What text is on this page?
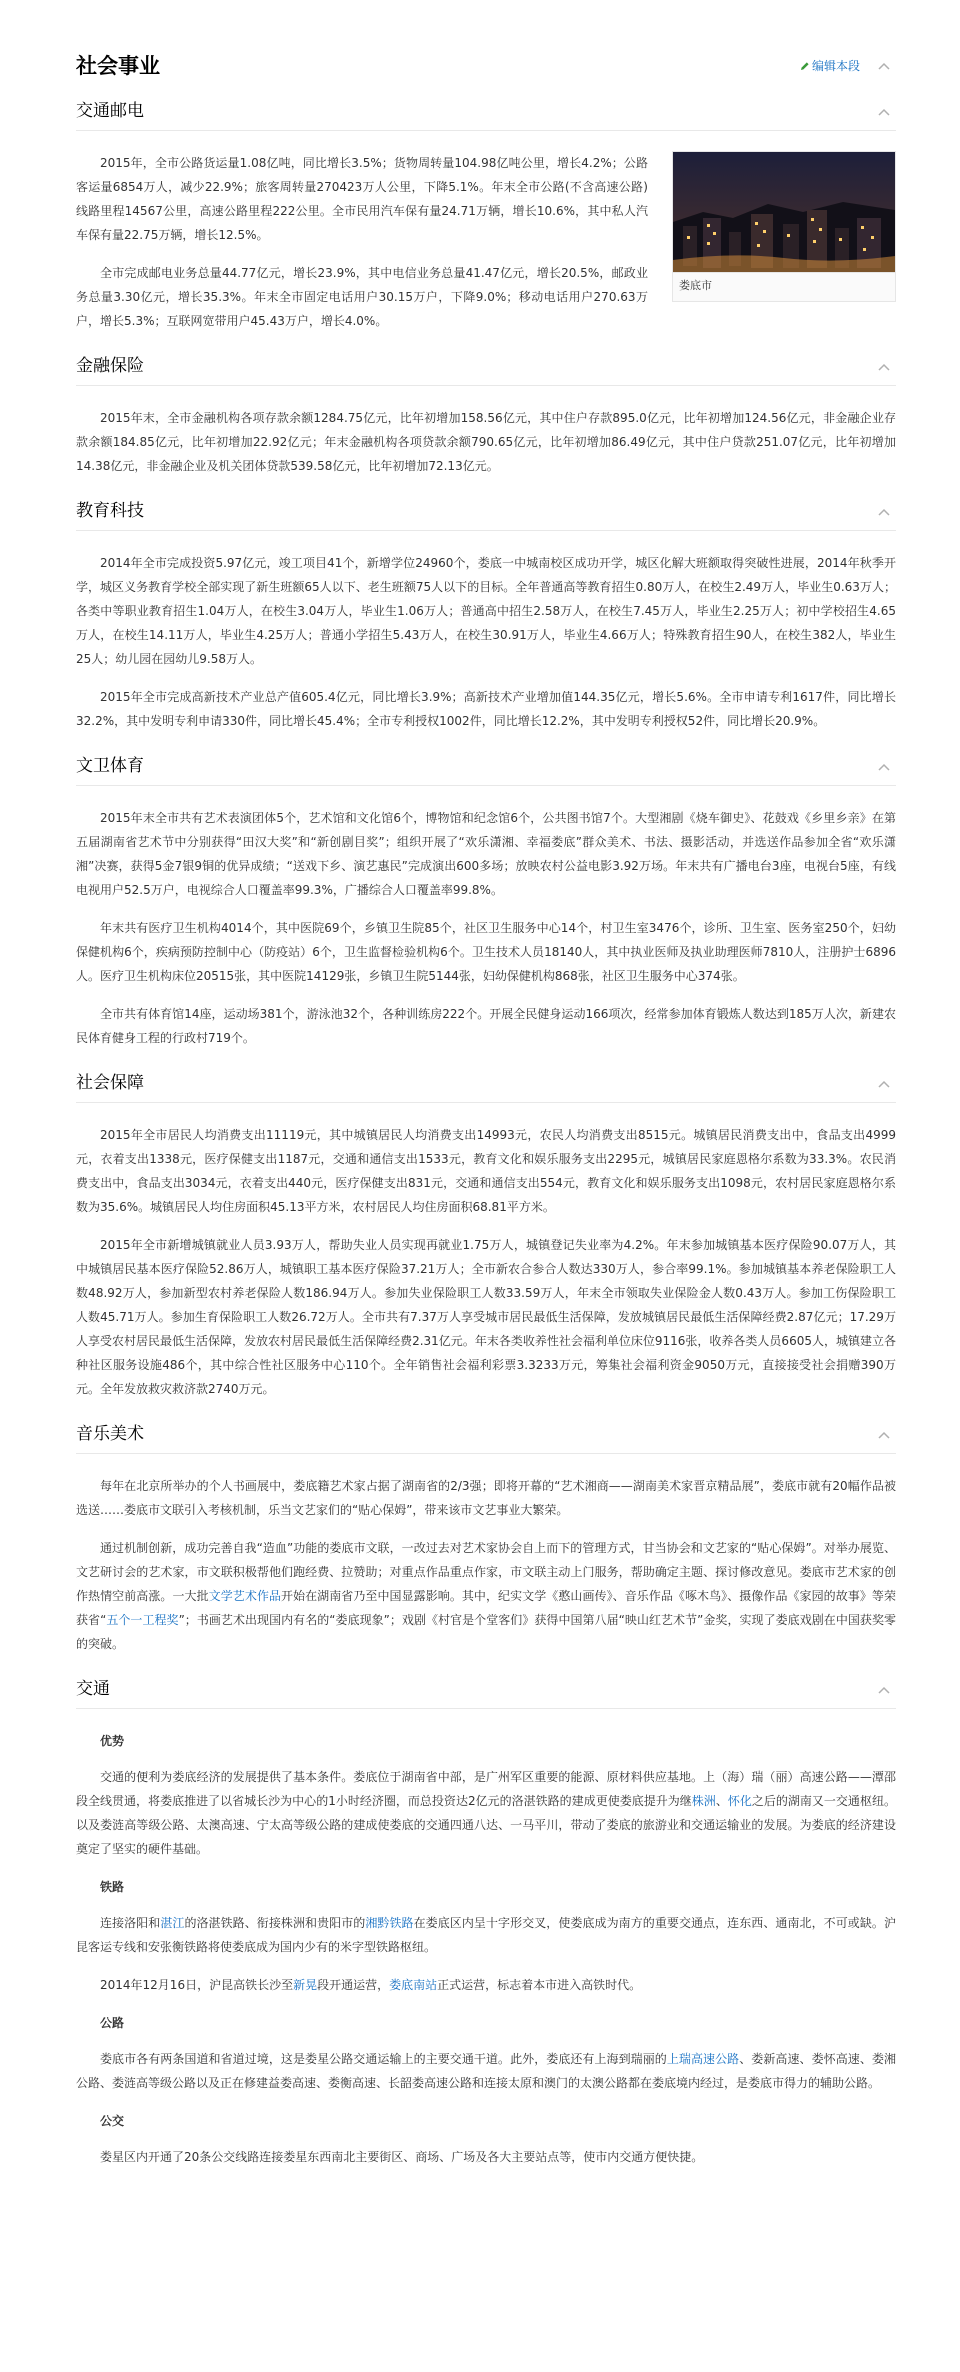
社会事业	编辑本段
交通邮电
娄底市

2015年，全市公路货运量1.08亿吨，同比增长3.5%；货物周转量104.98亿吨公里，增长4.2%；公路客运量6854万人，减少22.9%；旅客周转量270423万人公里，下降5.1%。年末全市公路(不含高速公路)线路里程14567公里，高速公路里程222公里。全市民用汽车保有量24.71万辆，增长10.6%，其中私人汽车保有量22.75万辆，增长12.5%。

全市完成邮电业务总量44.77亿元，增长23.9%，其中电信业务总量41.47亿元，增长20.5%，邮政业务总量3.30亿元，增长35.3%。年末全市固定电话用户30.15万户，下降9.0%；移动电话用户270.63万户，增长5.3%；互联网宽带用户45.43万户，增长4.0%。

金融保险

2015年末，全市金融机构各项存款余额1284.75亿元，比年初增加158.56亿元，其中住户存款895.0亿元，比年初增加124.56亿元，非金融企业存款余额184.85亿元，比年初增加22.92亿元；年末金融机构各项贷款余额790.65亿元，比年初增加86.49亿元，其中住户贷款251.07亿元，比年初增加14.38亿元，非金融企业及机关团体贷款539.58亿元，比年初增加72.13亿元。

教育科技

2014年全市完成投资5.97亿元，竣工项目41个，新增学位24960个，娄底一中城南校区成功开学，城区化解大班额取得突破性进展，2014年秋季开学，城区义务教育学校全部实现了新生班额65人以下、老生班额75人以下的目标。全年普通高等教育招生0.80万人，在校生2.49万人，毕业生0.63万人；各类中等职业教育招生1.04万人，在校生3.04万人，毕业生1.06万人；普通高中招生2.58万人，在校生7.45万人，毕业生2.25万人；初中学校招生4.65万人，在校生14.11万人，毕业生4.25万人；普通小学招生5.43万人，在校生30.91万人，毕业生4.66万人；特殊教育招生90人，在校生382人，毕业生25人；幼儿园在园幼儿9.58万人。

2015年全市完成高新技术产业总产值605.4亿元，同比增长3.9%；高新技术产业增加值144.35亿元，增长5.6%。全市申请专利1617件，同比增长32.2%，其中发明专利申请330件，同比增长45.4%；全市专利授权1002件，同比增长12.2%，其中发明专利授权52件，同比增长20.9%。

文卫体育

2015年末全市共有艺术表演团体5个，艺术馆和文化馆6个，博物馆和纪念馆6个，公共图书馆7个。大型湘剧《烧车御史》、花鼓戏《乡里乡亲》在第五届湖南省艺术节中分别获得“田汉大奖”和“新创剧目奖”；组织开展了“欢乐潇湘、幸福娄底”群众美术、书法、摄影活动，并选送作品参加全省“欢乐潇湘”决赛，获得5金7银9铜的优异成绩；“送戏下乡、演艺惠民”完成演出600多场；放映农村公益电影3.92万场。年末共有广播电台3座，电视台5座，有线电视用户52.5万户，电视综合人口覆盖率99.3%，广播综合人口覆盖率99.8%。

年末共有医疗卫生机构4014个，其中医院69个，乡镇卫生院85个，社区卫生服务中心14个，村卫生室3476个，诊所、卫生室、医务室250个，妇幼保健机构6个，疾病预防控制中心（防疫站）6个，卫生监督检验机构6个。卫生技术人员18140人，其中执业医师及执业助理医师7810人，注册护士6896人。医疗卫生机构床位20515张，其中医院14129张，乡镇卫生院5144张，妇幼保健机构868张，社区卫生服务中心374张。

全市共有体育馆14座，运动场381个，游泳池32个，各种训练房222个。开展全民健身运动166项次，经常参加体育锻炼人数达到185万人次，新建农民体育健身工程的行政村719个。

社会保障

2015年全市居民人均消费支出11119元，其中城镇居民人均消费支出14993元，农民人均消费支出8515元。城镇居民消费支出中，食品支出4999元，衣着支出1338元，医疗保健支出1187元，交通和通信支出1533元，教育文化和娱乐服务支出2295元，城镇居民家庭恩格尔系数为33.3%。农民消费支出中，食品支出3034元，衣着支出440元，医疗保健支出831元，交通和通信支出554元，教育文化和娱乐服务支出1098元，农村居民家庭恩格尔系数为35.6%。城镇居民人均住房面积45.13平方米，农村居民人均住房面积68.81平方米。

2015年全市新增城镇就业人员3.93万人，帮助失业人员实现再就业1.75万人，城镇登记失业率为4.2%。年末参加城镇基本医疗保险90.07万人，其中城镇居民基本医疗保险52.86万人，城镇职工基本医疗保险37.21万人；全市新农合参合人数达330万人，参合率99.1%。参加城镇基本养老保险职工人数48.92万人，参加新型农村养老保险人数186.94万人。参加失业保险职工人数33.59万人，年末全市领取失业保险金人数0.43万人。参加工伤保险职工人数45.71万人。参加生育保险职工人数26.72万人。全市共有7.37万人享受城市居民最低生活保障，发放城镇居民最低生活保障经费2.87亿元；17.29万人享受农村居民最低生活保障，发放农村居民最低生活保障经费2.31亿元。年末各类收养性社会福利单位床位9116张，收养各类人员6605人，城镇建立各种社区服务设施486个，其中综合性社区服务中心110个。全年销售社会福利彩票3.3233万元，筹集社会福利资金9050万元，直接接受社会捐赠390万元。全年发放救灾救济款2740万元。

音乐美术

每年在北京所举办的个人书画展中，娄底籍艺术家占据了湖南省的2/3强；即将开幕的“艺术湘商——湖南美术家晋京精品展”，娄底市就有20幅作品被选送……娄底市文联引入考核机制，乐当文艺家们的“贴心保姆”，带来该市文艺事业大繁荣。

通过机制创新，成功完善自我“造血”功能的娄底市文联，一改过去对艺术家协会自上而下的管理方式，甘当协会和文艺家的“贴心保姆”。对举办展览、文艺研讨会的艺术家，市文联积极帮他们跑经费、拉赞助；对重点作品重点作家，市文联主动上门服务，帮助确定主题、探讨修改意见。娄底市艺术家的创作热情空前高涨。一大批文学艺术作品开始在湖南省乃至中国显露影响。其中，纪实文学《憨山画传》、音乐作品《啄木鸟》、摄像作品《家园的故事》等荣获省“五个一工程奖”；书画艺术出现国内有名的“娄底现象”；戏剧《村官是个堂客们》获得中国第八届“映山红艺术节”金奖，实现了娄底戏剧在中国获奖零的突破。

交通
优势

交通的便利为娄底经济的发展提供了基本条件。娄底位于湖南省中部，是广州军区重要的能源、原材料供应基地。上（海）瑞（丽）高速公路——潭邵段全线贯通，将娄底推进了以省城长沙为中心的1小时经济圈，而总投资达2亿元的洛湛铁路的建成更使娄底提升为继株洲、怀化之后的湖南又一交通枢纽。以及娄涟高等级公路、太澳高速、宁太高等级公路的建成使娄底的交通四通八达、一马平川，带动了娄底的旅游业和交通运输业的发展。为娄底的经济建设奠定了坚实的硬件基础。

铁路

连接洛阳和湛江的洛湛铁路、衔接株洲和贵阳市的湘黔铁路在娄底区内呈十字形交叉，使娄底成为南方的重要交通点，连东西、通南北，不可或缺。沪昆客运专线和安张衡铁路将使娄底成为国内少有的米字型铁路枢纽。

2014年12月16日，沪昆高铁长沙至新晃段开通运营，娄底南站正式运营，标志着本市进入高铁时代。

公路

娄底市各有两条国道和省道过境，这是娄星公路交通运输上的主要交通干道。此外，娄底还有上海到瑞丽的上瑞高速公路、娄新高速、娄怀高速、娄湘公路、娄涟高等级公路以及正在修建益娄高速、娄衡高速、长韶娄高速公路和连接太原和澳门的太澳公路都在娄底境内经过，是娄底市得力的辅助公路。

公交

娄星区内开通了20条公交线路连接娄星东西南北主要街区、商场、广场及各大主要站点等，使市内交通方便快捷。
